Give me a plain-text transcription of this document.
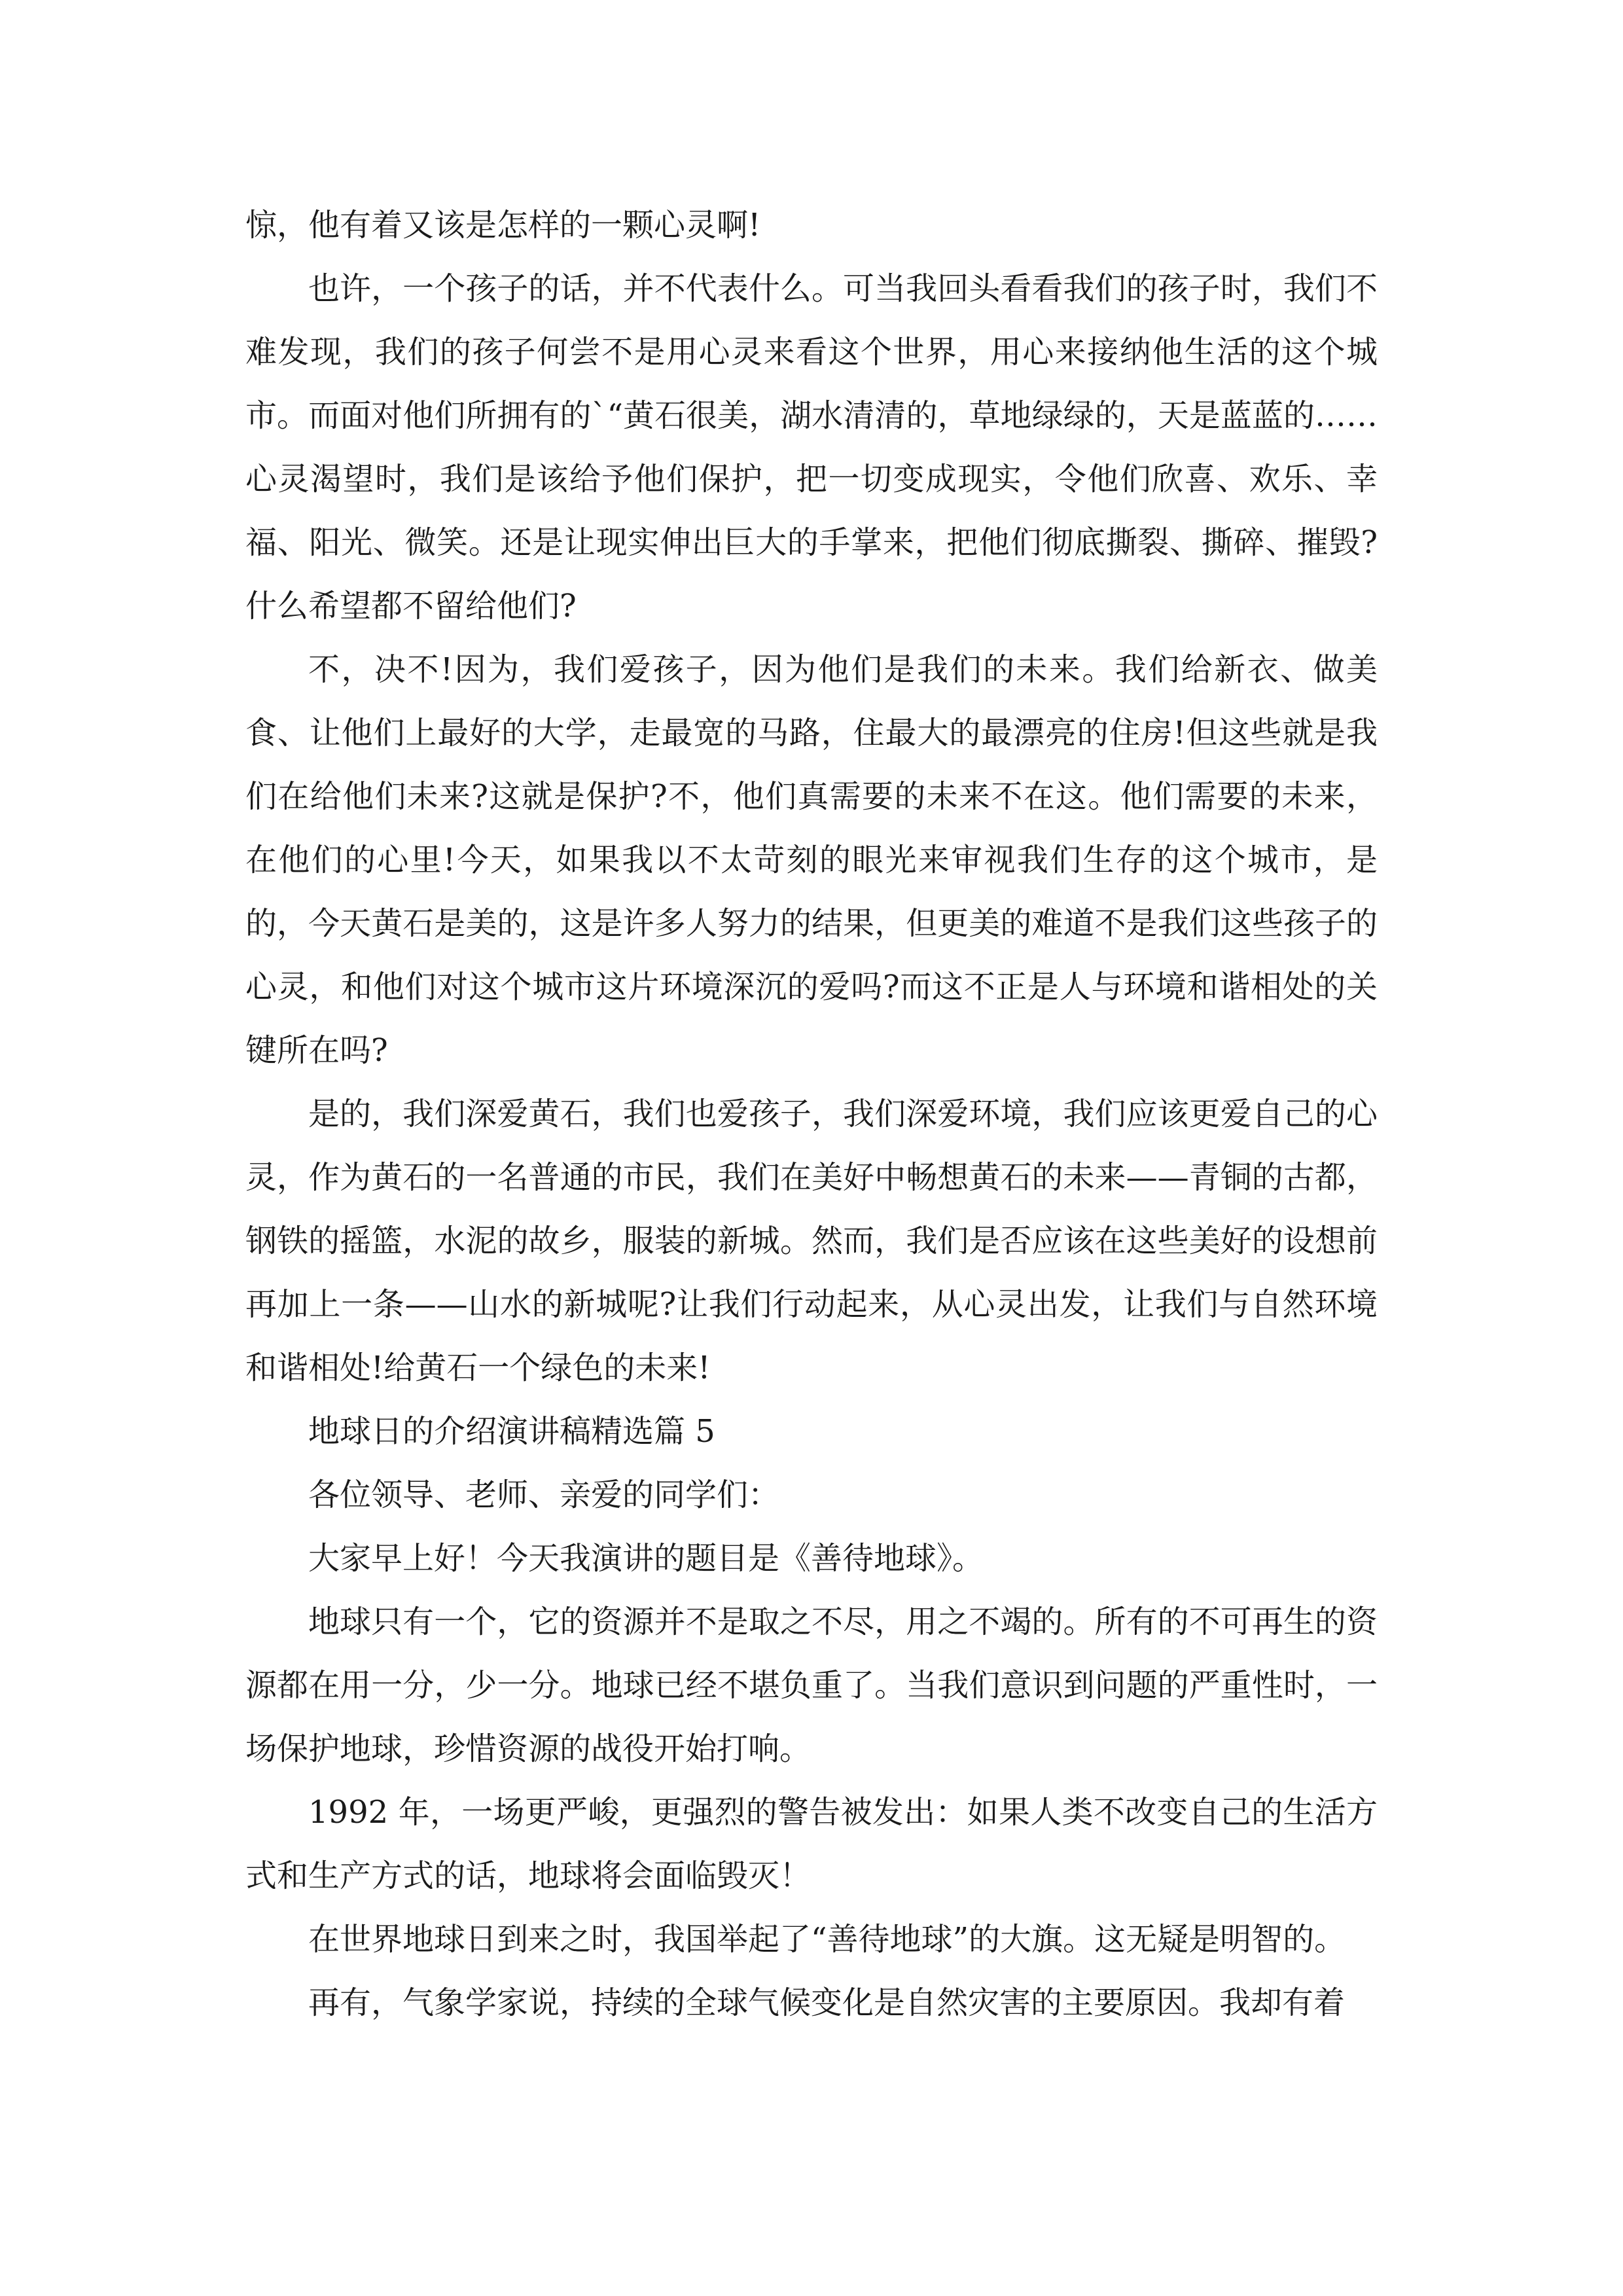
惊，他有着又该是怎样的一颗心灵啊!

也许，一个孩子的话，并不代表什么。可当我回头看看我们的孩子时，我们不难发现，我们的孩子何尝不是用心灵来看这个世界，用心来接纳他生活的这个城市。而面对他们所拥有的`“黄石很美，湖水清清的，草地绿绿的，天是蓝蓝的……心灵渴望时，我们是该给予他们保护，把一切变成现实，令他们欣喜、欢乐、幸福、阳光、微笑。还是让现实伸出巨大的手掌来，把他们彻底撕裂、撕碎、摧毁?什么希望都不留给他们?

不，决不!因为，我们爱孩子，因为他们是我们的未来。我们给新衣、做美食、让他们上最好的大学，走最宽的马路，住最大的最漂亮的住房!但这些就是我们在给他们未来?这就是保护?不，他们真需要的未来不在这。他们需要的未来，在他们的心里!今天，如果我以不太苛刻的眼光来审视我们生存的这个城市，是的，今天黄石是美的，这是许多人努力的结果，但更美的难道不是我们这些孩子的心灵，和他们对这个城市这片环境深沉的爱吗?而这不正是人与环境和谐相处的关键所在吗?

是的，我们深爱黄石，我们也爱孩子，我们深爱环境，我们应该更爱自己的心灵，作为黄石的一名普通的市民，我们在美好中畅想黄石的未来——青铜的古都，钢铁的摇篮，水泥的故乡，服装的新城。然而，我们是否应该在这些美好的设想前再加上一条——山水的新城呢?让我们行动起来，从心灵出发，让我们与自然环境和谐相处!给黄石一个绿色的未来!

地球日的介绍演讲稿精选篇 5

各位领导、老师、亲爱的同学们：

大家早上好！今天我演讲的题目是《善待地球》。

地球只有一个，它的资源并不是取之不尽，用之不竭的。所有的不可再生的资源都在用一分，少一分。地球已经不堪负重了。当我们意识到问题的严重性时，一场保护地球，珍惜资源的战役开始打响。

1992 年，一场更严峻，更强烈的警告被发出：如果人类不改变自己的生活方式和生产方式的话，地球将会面临毁灭！

在世界地球日到来之时，我国举起了“善待地球”的大旗。这无疑是明智的。

再有，气象学家说，持续的全球气候变化是自然灾害的主要原因。我却有着
